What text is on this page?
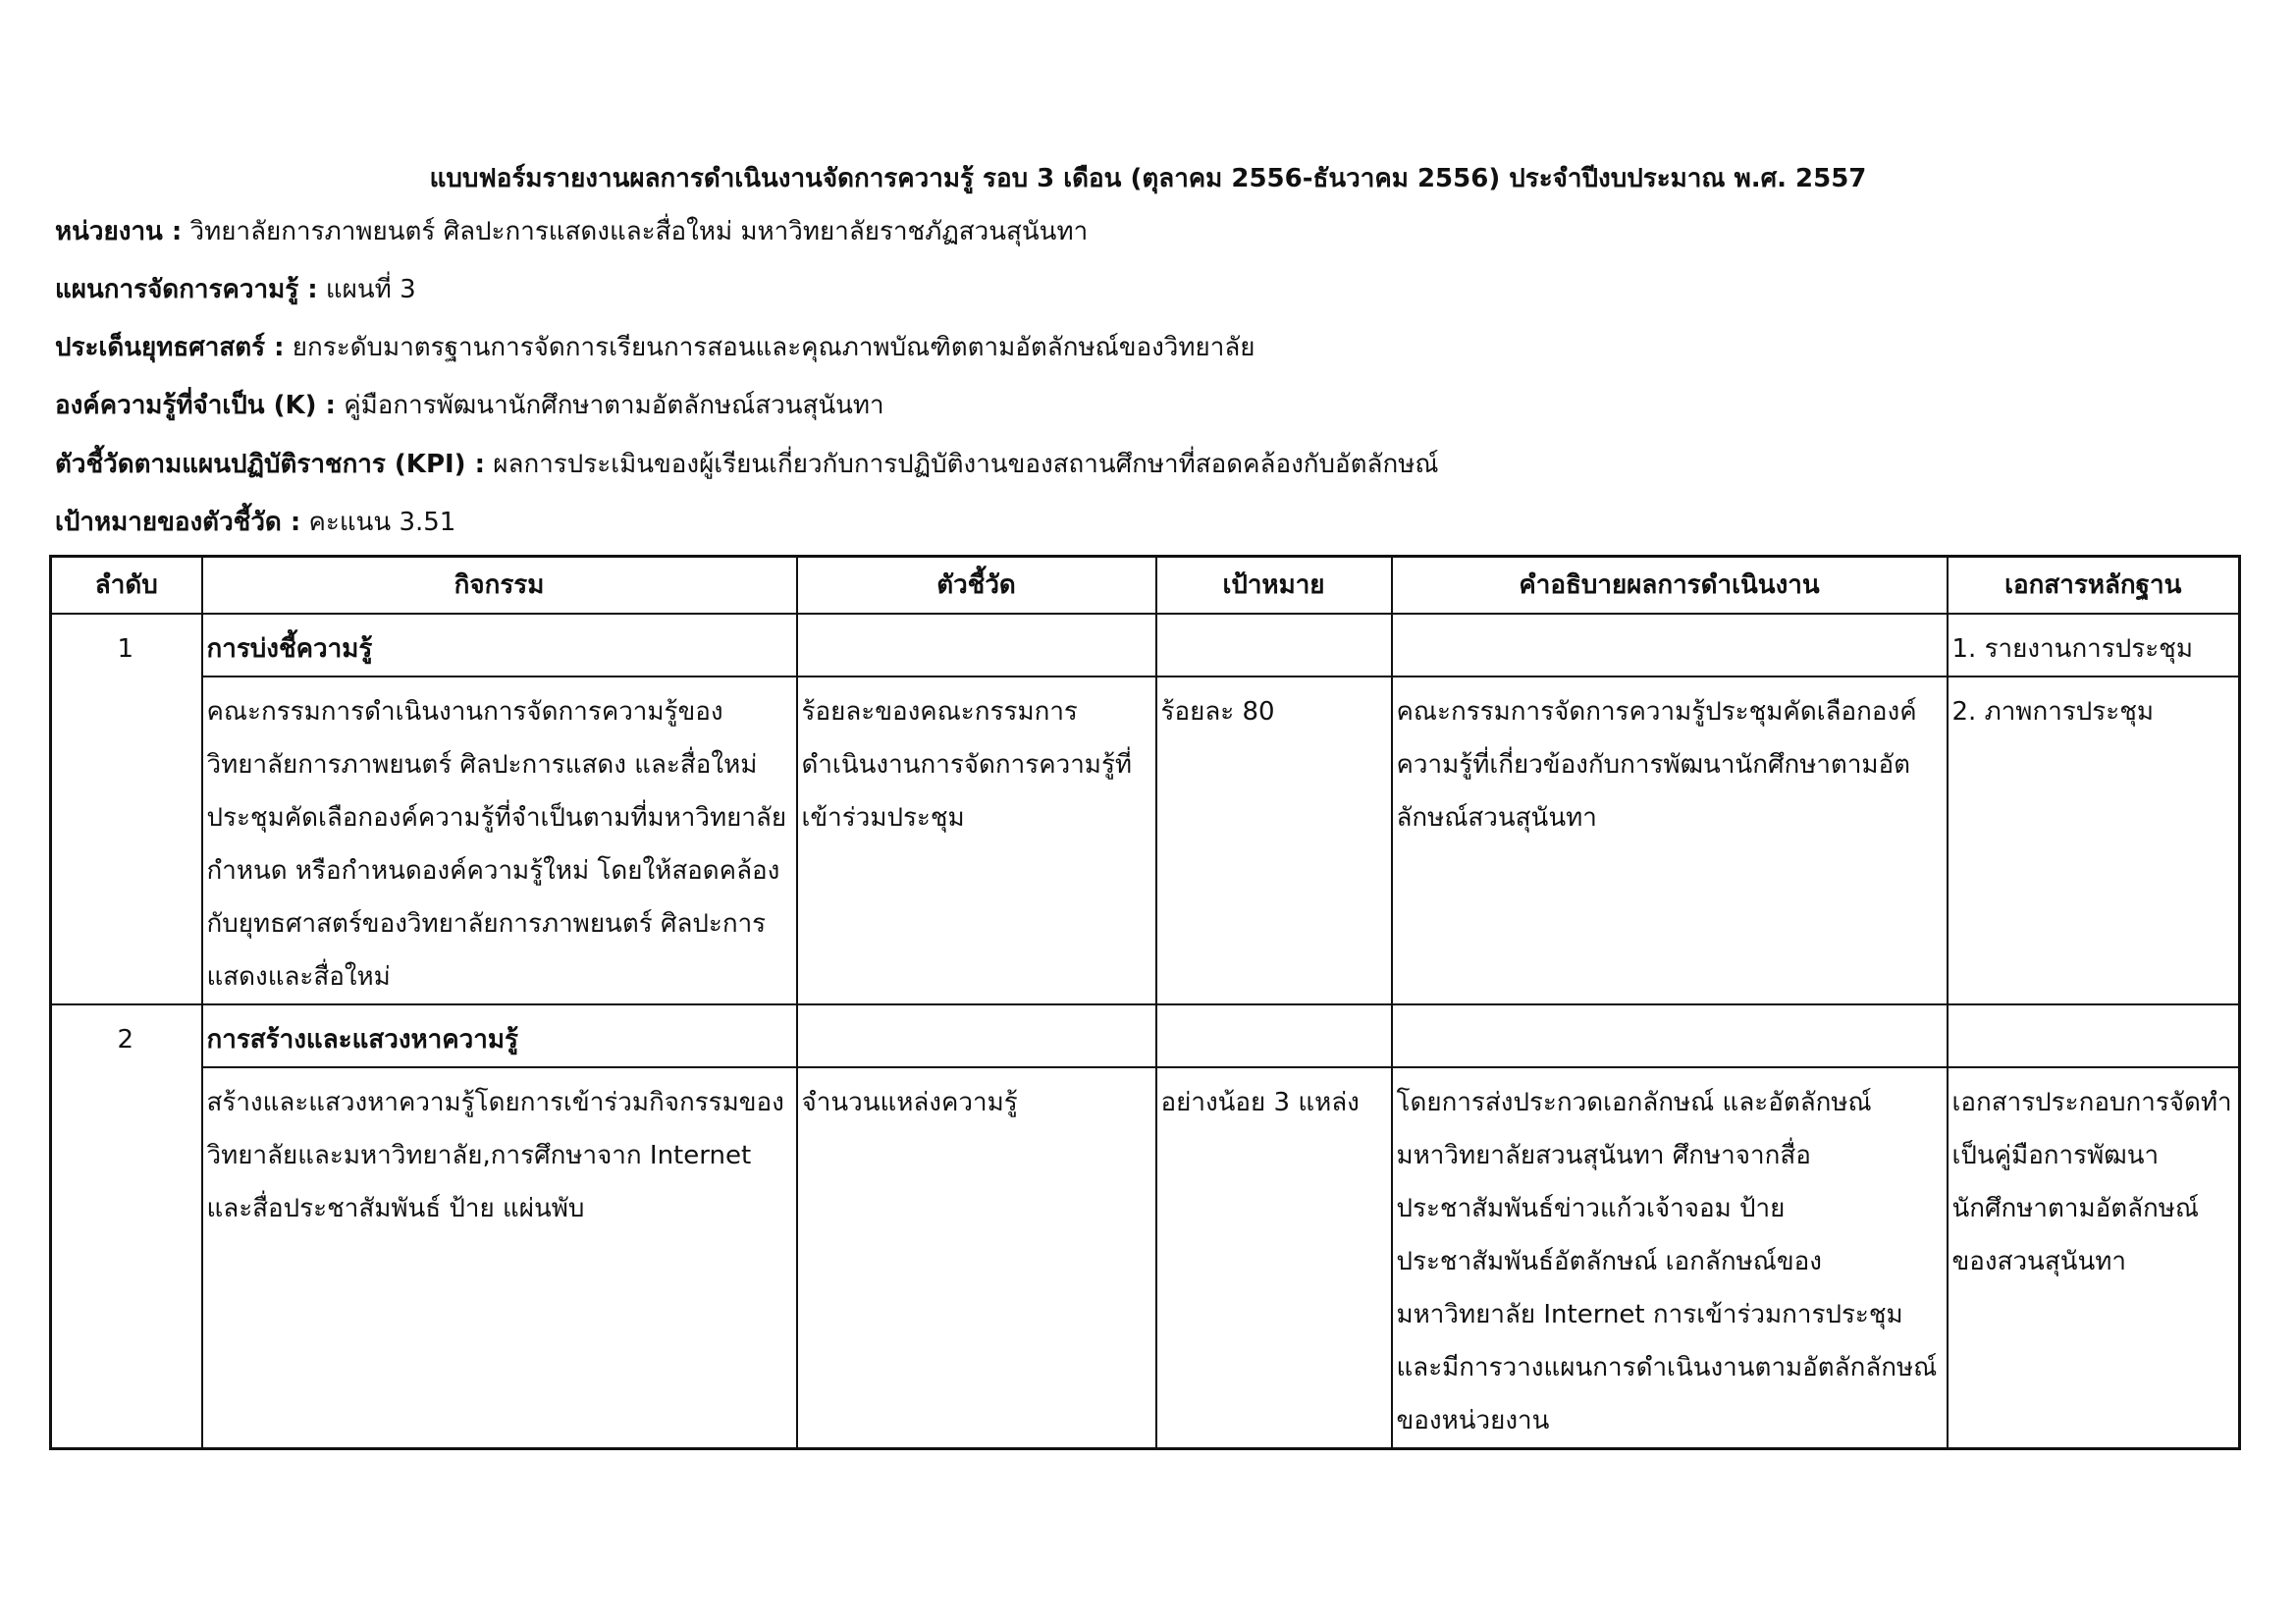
แบบฟอร์มรายงานผลการดำเนินงานจัดการความรู้ รอบ 3 เดือน (ตุลาคม 2556-ธันวาคม 2556) ประจำปีงบประมาณ พ.ศ. 2557
หน่วยงาน : วิทยาลัยการภาพยนตร์ ศิลปะการแสดงและสื่อใหม่ มหาวิทยาลัยราชภัฏสวนสุนันทา
แผนการจัดการความรู้ : แผนที่ 3
ประเด็นยุทธศาสตร์ : ยกระดับมาตรฐานการจัดการเรียนการสอนและคุณภาพบัณฑิตตามอัตลักษณ์ของวิทยาลัย
องค์ความรู้ที่จำเป็น (K) : คู่มือการพัฒนานักศึกษาตามอัตลักษณ์สวนสุนันทา
ตัวชี้วัดตามแผนปฏิบัติราชการ (KPI) : ผลการประเมินของผู้เรียนเกี่ยวกับการปฏิบัติงานของสถานศึกษาที่สอดคล้องกับอัตลักษณ์
เป้าหมายของตัวชี้วัด : คะแนน 3.51
ลำดับ	กิจกรรม	ตัวชี้วัด	เป้าหมาย	คำอธิบายผลการดำเนินงาน	เอกสารหลักฐาน
1	การบ่งชี้ความรู้				1. รายงานการประชุม
	คณะกรรมการดำเนินงานการจัดการความรู้ของวิทยาลัยการภาพยนตร์ ศิลปะการแสดง และสื่อใหม่ประชุมคัดเลือกองค์ความรู้ที่จำเป็นตามที่มหาวิทยาลัยกำหนด หรือกำหนดองค์ความรู้ใหม่ โดยให้สอดคล้องกับยุทธศาสตร์ของวิทยาลัยการภาพยนตร์ ศิลปะการแสดงและสื่อใหม่	ร้อยละของคณะกรรมการดำเนินงานการจัดการความรู้ที่เข้าร่วมประชุม	ร้อยละ 80	คณะกรรมการจัดการความรู้ประชุมคัดเลือกองค์ความรู้ที่เกี่ยวข้องกับการพัฒนานักศึกษาตามอัตลักษณ์สวนสุนันทา	2. ภาพการประชุม
2	การสร้างและแสวงหาความรู้				
	สร้างและแสวงหาความรู้โดยการเข้าร่วมกิจกรรมของวิทยาลัยและมหาวิทยาลัย,การศึกษาจาก Internet และสื่อประชาสัมพันธ์ ป้าย แผ่นพับ	จำนวนแหล่งความรู้	อย่างน้อย 3 แหล่ง	โดยการส่งประกวดเอกลักษณ์ และอัตลักษณ์มหาวิทยาลัยสวนสุนันทา ศึกษาจากสื่อประชาสัมพันธ์ข่าวแก้วเจ้าจอม ป้ายประชาสัมพันธ์อัตลักษณ์ เอกลักษณ์ของมหาวิทยาลัย Internet การเข้าร่วมการประชุมและมีการวางแผนการดำเนินงานตามอัตลักลักษณ์ของหน่วยงาน	เอกสารประกอบการจัดทำเป็นคู่มือการพัฒนานักศึกษาตามอัตลักษณ์ของสวนสุนันทา
